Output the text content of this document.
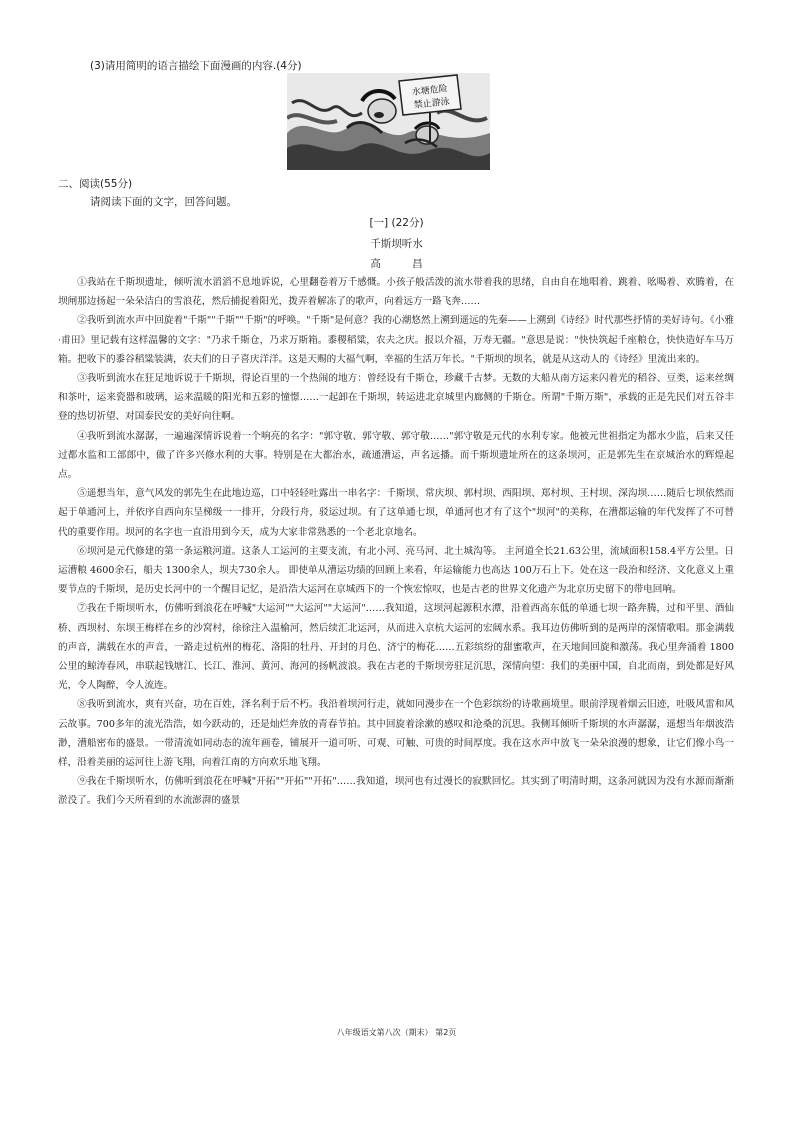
(3)请用简明的语言描绘下面漫画的内容.(4分)
水塘危险
禁止游泳
二、阅读(55分)
请阅读下面的文字，回答问题。
[一] (22分)
千斯坝听水
高 昌

①我站在千斯坝遗址，倾听流水滔滔不息地诉说，心里翻卷着万千感慨。小孩子般活泼的流水带着我的思绪，自由自在地唱着、跳着、吆喝着、欢腾着，在坝闸那边扬起一朵朵洁白的雪浪花，然后捕捉着阳光，拨弄着解冻了的歌声，向着远方一路飞奔……

②我听到流水声中回旋着"千斯""千斯""千斯"的呼唤。"千斯"是何意？我的心潮悠然上溯到遥远的先秦——上溯到《诗经》时代那些抒情的美好诗句。《小雅·甫田》里记载有这样温馨的文字："乃求千斯仓，乃求万斯箱。黍稷稻粱，农夫之庆。报以介福，万寿无疆。"意思是说："快快筑起千座粮仓，快快造好车马万箱。把收下的黍谷稻粱装满，农夫们的日子喜庆洋洋。这是天赐的大福气啊，幸福的生活万年长。"千斯坝的坝名，就是从这动人的《诗经》里流出来的。

③我听到流水在狂足地诉说于千斯坝，得论百里的一个热闹的地方：曾经设有千斯仓，珍藏千古梦。无数的大船从南方运来闪着光的稻谷、豆类，运来丝绸和茶叶，运来瓷器和玻璃，运来温暖的阳光和五彩的憧憬……一起卸在千斯坝，转运进北京城里内廊侧的千斯仓。所谓"千斯万斯"，承载的正是先民们对五谷丰登的热切祈望、对国泰民安的美好向往啊。

④我听到流水潺潺，一遍遍深情诉说着一个响亮的名字："郭守敬、郭守敬、郭守敬……"郭守敬是元代的水利专家。他被元世祖指定为都水少监，后来又任过都水监和工部郎中，做了许多兴修水利的大事。特别是在大都治水，疏通漕运，声名远播。而千斯坝遗址所在的这条坝河，正是郭先生在京城治水的辉煌起点。

⑤遥想当年，意气风发的郭先生在此地边巡，口中轻轻吐露出一串名字：千斯坝、常庆坝、郭村坝、西阳坝、郑村坝、王村坝、深沟坝……随后七坝依然而起于单通河上，并依序自西向东呈梯级一一排开，分段行舟，驳运过坝。有了这单通七坝，单通河也才有了这个"坝河"的美称，在漕都运输的年代发挥了不可替代的重要作用。坝河的名字也一直沿用到今天，成为大家非常熟悉的一个老北京地名。

⑥坝河是元代修建的第一条运粮河道。这条人工运河的主要支流，有北小河、亮马河、北土城沟等。 主河道全长21.63公里，流域面积158.4平方公里。日运漕粮 4600余石，船夫 1300余人，坝夫730余人。 即使单从漕运功绩的回顾上来看，年运输能力也高达 100万石上下。处在这一段治和经济、文化意义上重要节点的千斯坝，是历史长河中的一个醒目记忆，是沿浩大运河在京城西下的一个恢宏惊叹，也是古老的世界文化遗产为北京历史留下的带电回响。

⑦我在千斯坝听水，仿佛听到浪花在呼喊"大运河""大运河""大运河"……我知道，这坝河起源积水潭，沿着西高东低的单通七坝一路奔腾，过和平里、酒仙桥、西坝村、东坝王梅样在乡的沙窝村，徐徐注入温榆河，然后续汇北运河，从而进入京杭大运河的宏阔水系。我耳边仿佛听到的是两岸的深情歌唱。那金满载的声音，满载在水的声音，一路走过杭州的梅花、洛阳的牡丹、开封的月色、济宁的梅花……五彩缤纷的甜蜜歌声，在天地间回旋和激荡。我心里奔涌着 1800 公里的鲸涛春风，串联起钱塘江、长江、淮河、黄河、海河的扬帆波浪。我在古老的千斯坝旁驻足沉思，深情向望：我们的美丽中国，自北而南，到处都是好风光，令人陶醉，令人流连。

⑧我听到流水，爽有兴奋，功在百姓，泽名利于后不朽。我沿着坝河行走，就如同漫步在一个色彩缤纷的诗歌画境里。眼前浮现着烟云旧迹，吐吸风雷和风云故事。700多年的流光浩浩，如今跃动的，还是灿烂奔放的青春节拍。其中回旋着涂漱的感叹和沧桑的沉思。我侧耳倾听千斯坝的水声潺潺，遥想当年烟波浩渺，漕船密布的盛景。一带清流如同动态的流年画卷，铺展开一道可听、可观、可触、可贵的时间厚度。我在这水声中放飞一朵朵浪漫的想象，让它们像小鸟一样，沿着美丽的运河往上游飞翔，向着江南的方向欢乐地飞翔。

⑨我在千斯坝听水，仿佛听到浪花在呼喊"开拓""开拓""开拓"……我知道，坝河也有过漫长的寂默回忆。其实到了明清时期，这条河就因为没有水源而渐渐淤没了。我们今天所看到的水流澎湃的盛景

八年级语文第八次（期末） 第2页
